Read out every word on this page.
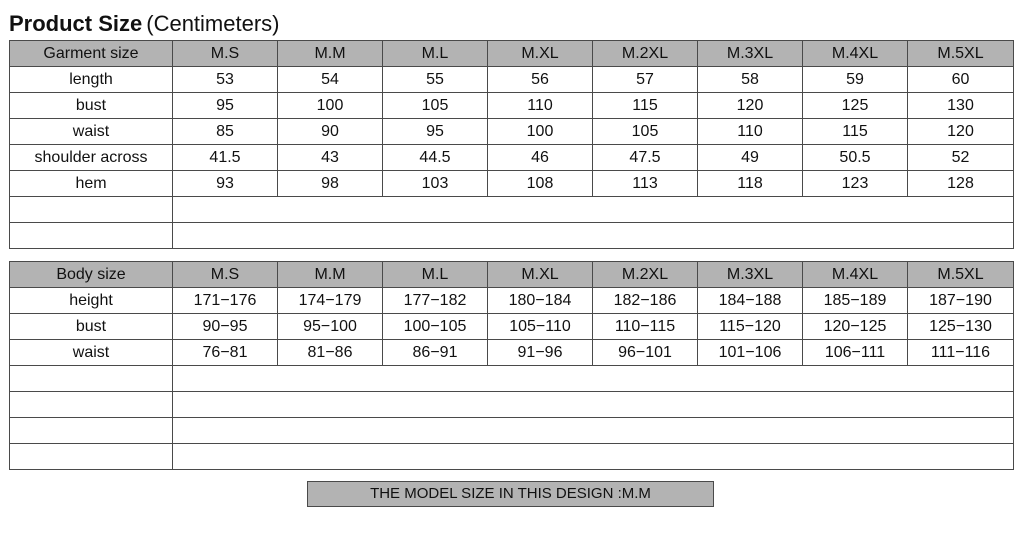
Product Size (Centimeters)
Garment size	M.S	M.M	M.L	M.XL	M.2XL	M.3XL	M.4XL	M.5XL
length	53	54	55	56	57	58	59	60
bust	95	100	105	110	115	120	125	130
waist	85	90	95	100	105	110	115	120
shoulder across	41.5	43	44.5	46	47.5	49	50.5	52
hem	93	98	103	108	113	118	123	128

Body size	M.S	M.M	M.L	M.XL	M.2XL	M.3XL	M.4XL	M.5XL
height	171−176	174−179	177−182	180−184	182−186	184−188	185−189	187−190
bust	90−95	95−100	100−105	105−110	110−115	115−120	120−125	125−130
waist	76−81	81−86	86−91	91−96	96−101	101−106	106−111	111−116

THE MODEL SIZE IN THIS DESIGN :M.M
